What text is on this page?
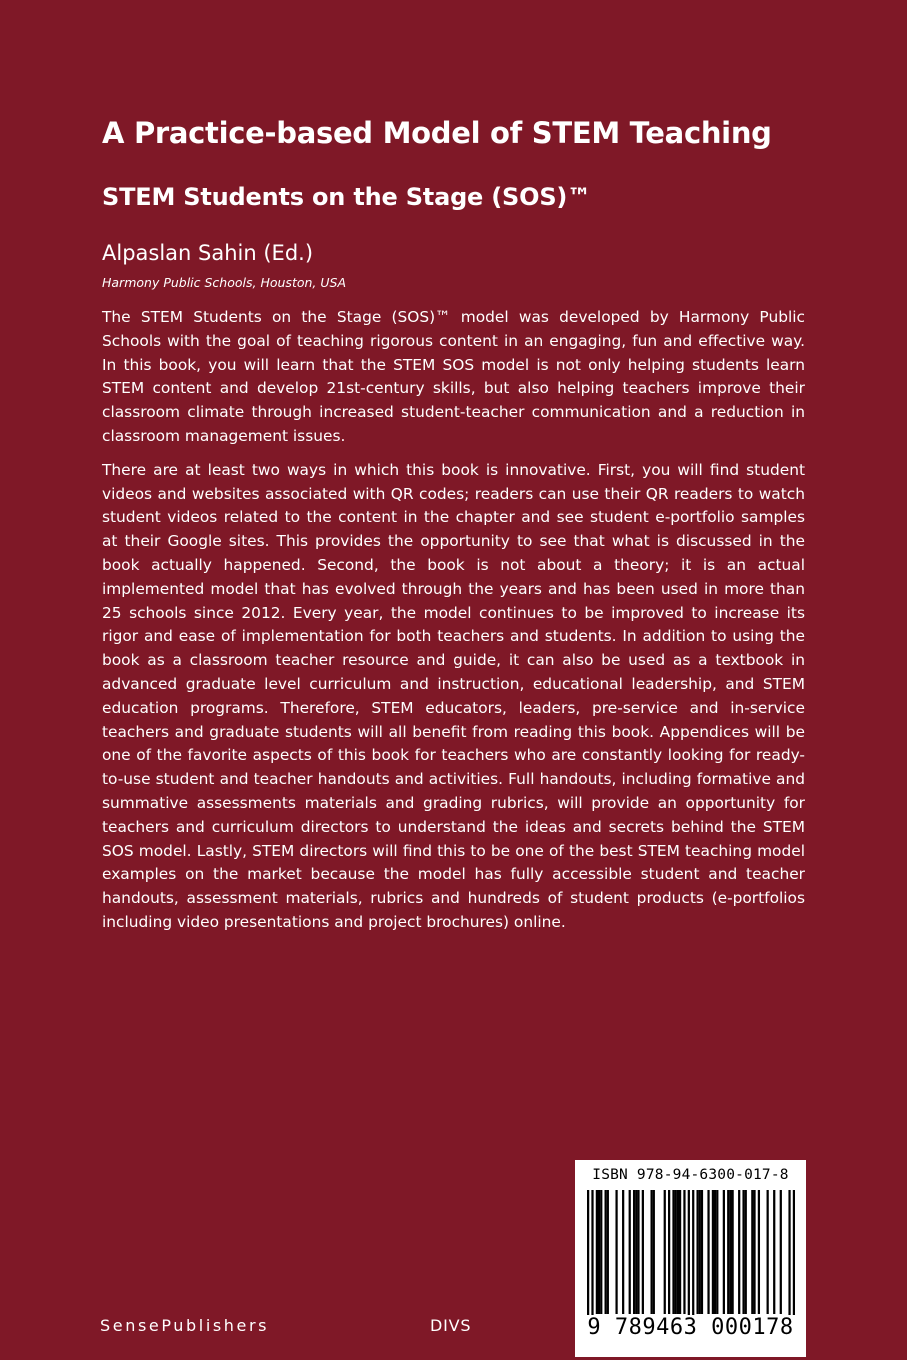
A Practice-based Model of STEM Teaching
STEM Students on the Stage (SOS)™
Alpaslan Sahin (Ed.)
Harmony Public Schools, Houston, USA

The STEM Students on the Stage (SOS)™ model was developed by Harmony Public Schools with the goal of teaching rigorous content in an engaging, fun and effective way. In this book, you will learn that the STEM SOS model is not only helping students learn STEM content and develop 21st-century skills, but also helping teachers improve their classroom climate through increased student-teacher communication and a reduction in classroom management issues.

There are at least two ways in which this book is innovative. First, you will find student videos and websites associated with QR codes; readers can use their QR readers to watch student videos related to the content in the chapter and see student e-portfolio samples at their Google sites. This provides the opportunity to see that what is discussed in the book actually happened. Second, the book is not about a theory; it is an actual implemented model that has evolved through the years and has been used in more than 25 schools since 2012. Every year, the model continues to be improved to increase its rigor and ease of implementation for both teachers and students. In addition to using the book as a classroom teacher resource and guide, it can also be used as a textbook in advanced graduate level curriculum and instruction, educational leadership, and STEM education programs. Therefore, STEM educators, leaders, pre-service and in-service teachers and graduate students will all benefit from reading this book. Appendices will be one of the favorite aspects of this book for teachers who are constantly looking for ready-to-use student and teacher handouts and activities. Full handouts, including formative and summative assessments materials and grading rubrics, will provide an opportunity for teachers and curriculum directors to understand the ideas and secrets behind the STEM SOS model. Lastly, STEM directors will find this to be one of the best STEM teaching model examples on the market because the model has fully accessible student and teacher handouts, assessment materials, rubrics and hundreds of student products (e-portfolios including video presentations and project brochures) online.

ISBN 978-94-6300-017-8
9 789463 000178
SensePublishers	DIVS
